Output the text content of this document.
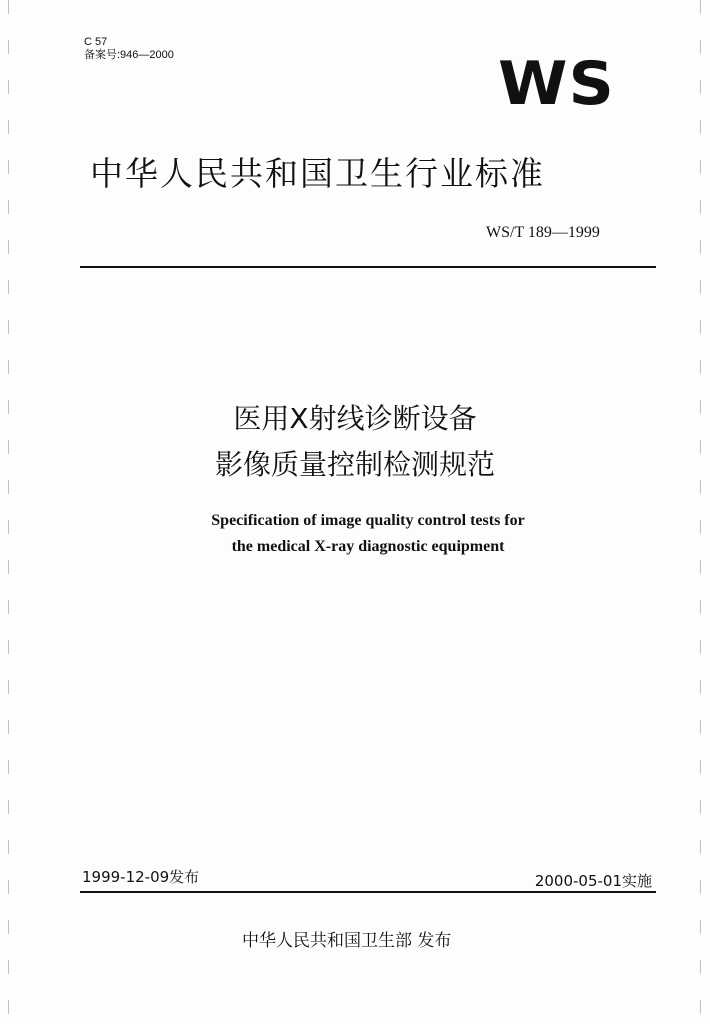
C 57
备案号:946—2000	WS
中华人民共和国卫生行业标准
WS/T 189—1999
医用X射线诊断设备
影像质量控制检测规范
Specification of image quality control tests for
the medical X-ray diagnostic equipment
1999-12-09发布	2000-05-01实施
中华人民共和国卫生部 发布
